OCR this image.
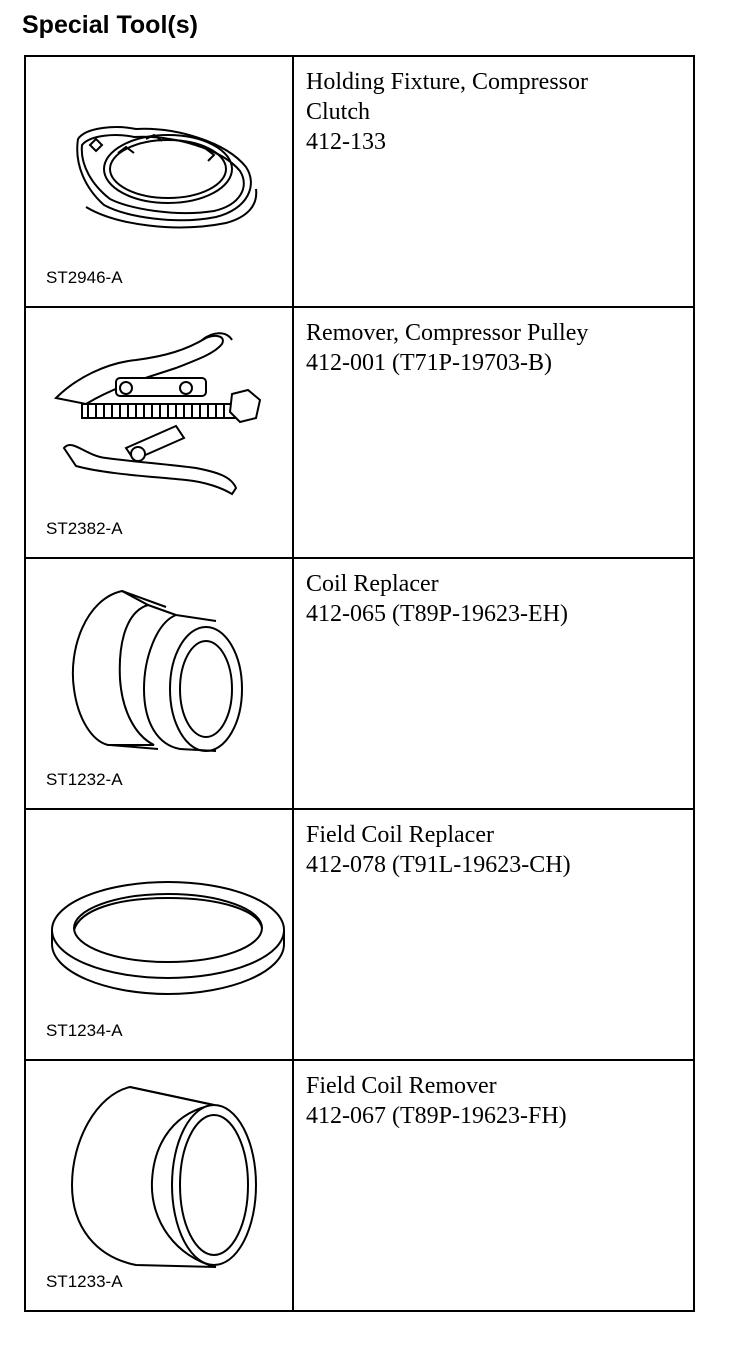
Special Tool(s)
ST2946-A	Holding Fixture, Compressor
Clutch
412-133

ST2382-A	Remover, Compressor Pulley
412-001 (T71P-19703-B)

ST1232-A	Coil Replacer
412-065 (T89P-19623-EH)

ST1234-A	Field Coil Replacer
412-078 (T91L-19623-CH)

ST1233-A	Field Coil Remover
412-067 (T89P-19623-FH)
